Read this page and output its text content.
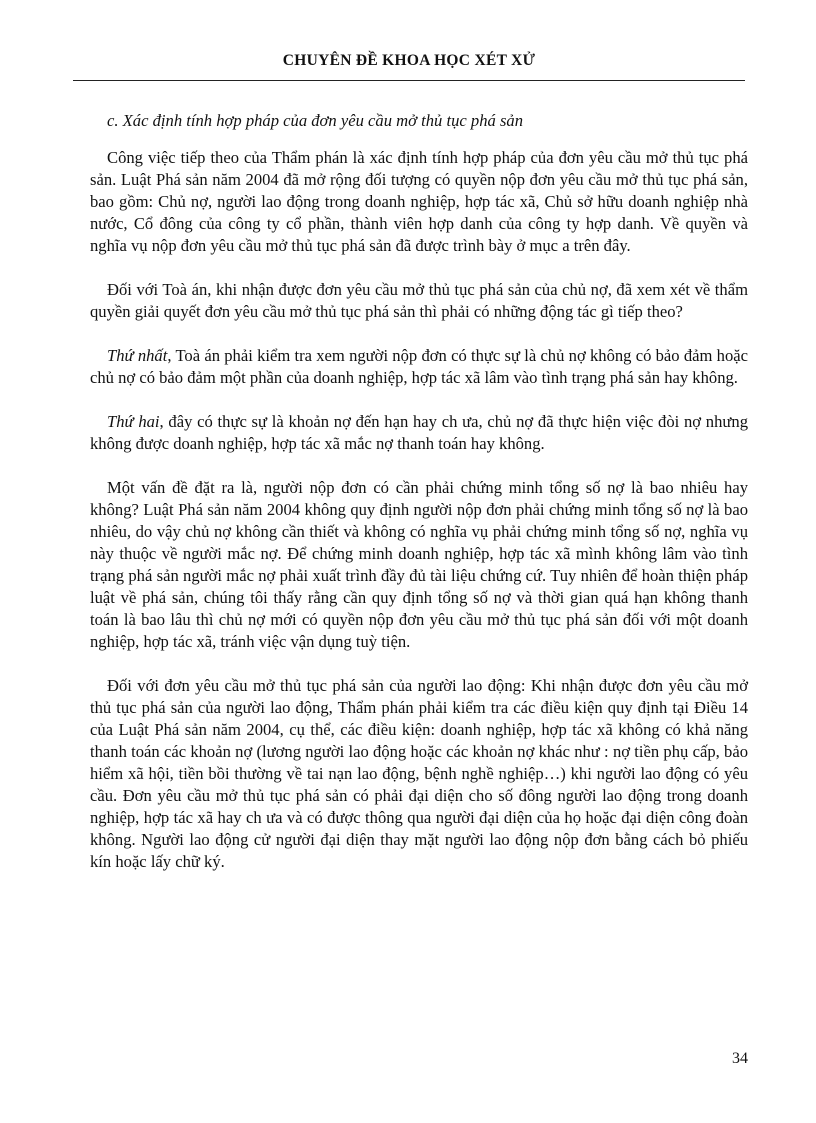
CHUYÊN ĐỀ KHOA HỌC XÉT XỬ

c. Xác định tính hợp pháp của đơn yêu cầu mở thủ tục phá sản

Công việc tiếp theo của Thẩm phán là xác định tính hợp pháp của đơn yêu cầu mở thủ tục phá sản. Luật Phá sản năm 2004 đã mở rộng đối tượng có quyền nộp đơn yêu cầu mở thủ tục phá sản, bao gồm: Chủ nợ, người lao động trong doanh nghiệp, hợp tác xã, Chủ sở hữu doanh nghiệp nhà nước, Cổ đông của công ty cổ phần, thành viên hợp danh của công ty hợp danh. Về quyền và nghĩa vụ nộp đơn yêu cầu mở thủ tục phá sản đã được trình bày ở mục a trên đây.

Đối với Toà án, khi nhận được đơn yêu cầu mở thủ tục phá sản của chủ nợ, đã xem xét về thẩm quyền giải quyết đơn yêu cầu mở thủ tục phá sản thì phải có những động tác gì tiếp theo?

Thứ nhất, Toà án phải kiểm tra xem người nộp đơn có thực sự là chủ nợ không có bảo đảm hoặc chủ nợ có bảo đảm một phần của doanh nghiệp, hợp tác xã lâm vào tình trạng phá sản hay không.

Thứ hai, đây có thực sự là khoản nợ đến hạn hay ch ưa, chủ nợ đã thực hiện việc đòi nợ nhưng không được doanh nghiệp, hợp tác xã mắc nợ thanh toán hay không.

Một vấn đề đặt ra là, người nộp đơn có cần phải chứng minh tổng số nợ là bao nhiêu hay không? Luật Phá sản năm 2004 không quy định người nộp đơn phải chứng minh tổng số nợ là bao nhiêu, do vậy chủ nợ không cần thiết và không có nghĩa vụ phải chứng minh tổng số nợ, nghĩa vụ này thuộc về người mắc nợ. Để chứng minh doanh nghiệp, hợp tác xã mình không lâm vào tình trạng phá sản người mắc nợ phải xuất trình đầy đủ tài liệu chứng cứ. Tuy nhiên để hoàn thiện pháp luật về phá sản, chúng tôi thấy rằng cần quy định tổng số nợ và thời gian quá hạn không thanh toán là bao lâu thì chủ nợ mới có quyền nộp đơn yêu cầu mở thủ tục phá sản đối với một doanh nghiệp, hợp tác xã, tránh việc vận dụng tuỳ tiện.

Đối với đơn yêu cầu mở thủ tục phá sản của người lao động: Khi nhận được đơn yêu cầu mở thủ tục phá sản của người lao động, Thẩm phán phải kiểm tra các điều kiện quy định tại Điều 14 của Luật Phá sản năm 2004, cụ thể, các điều kiện: doanh nghiệp, hợp tác xã không có khả năng thanh toán các khoản nợ (lương người lao động hoặc các khoản nợ khác như : nợ tiền phụ cấp, bảo hiểm xã hội, tiền bồi thường về tai nạn lao động, bệnh nghề nghiệp…) khi người lao động có yêu cầu. Đơn yêu cầu mở thủ tục phá sản có phải đại diện cho số đông người lao động trong doanh nghiệp, hợp tác xã hay ch ưa và có được thông qua người đại diện của họ hoặc đại diện công đoàn không. Người lao động cử người đại diện thay mặt người lao động nộp đơn bằng cách bỏ phiếu kín hoặc lấy chữ ký.

34
